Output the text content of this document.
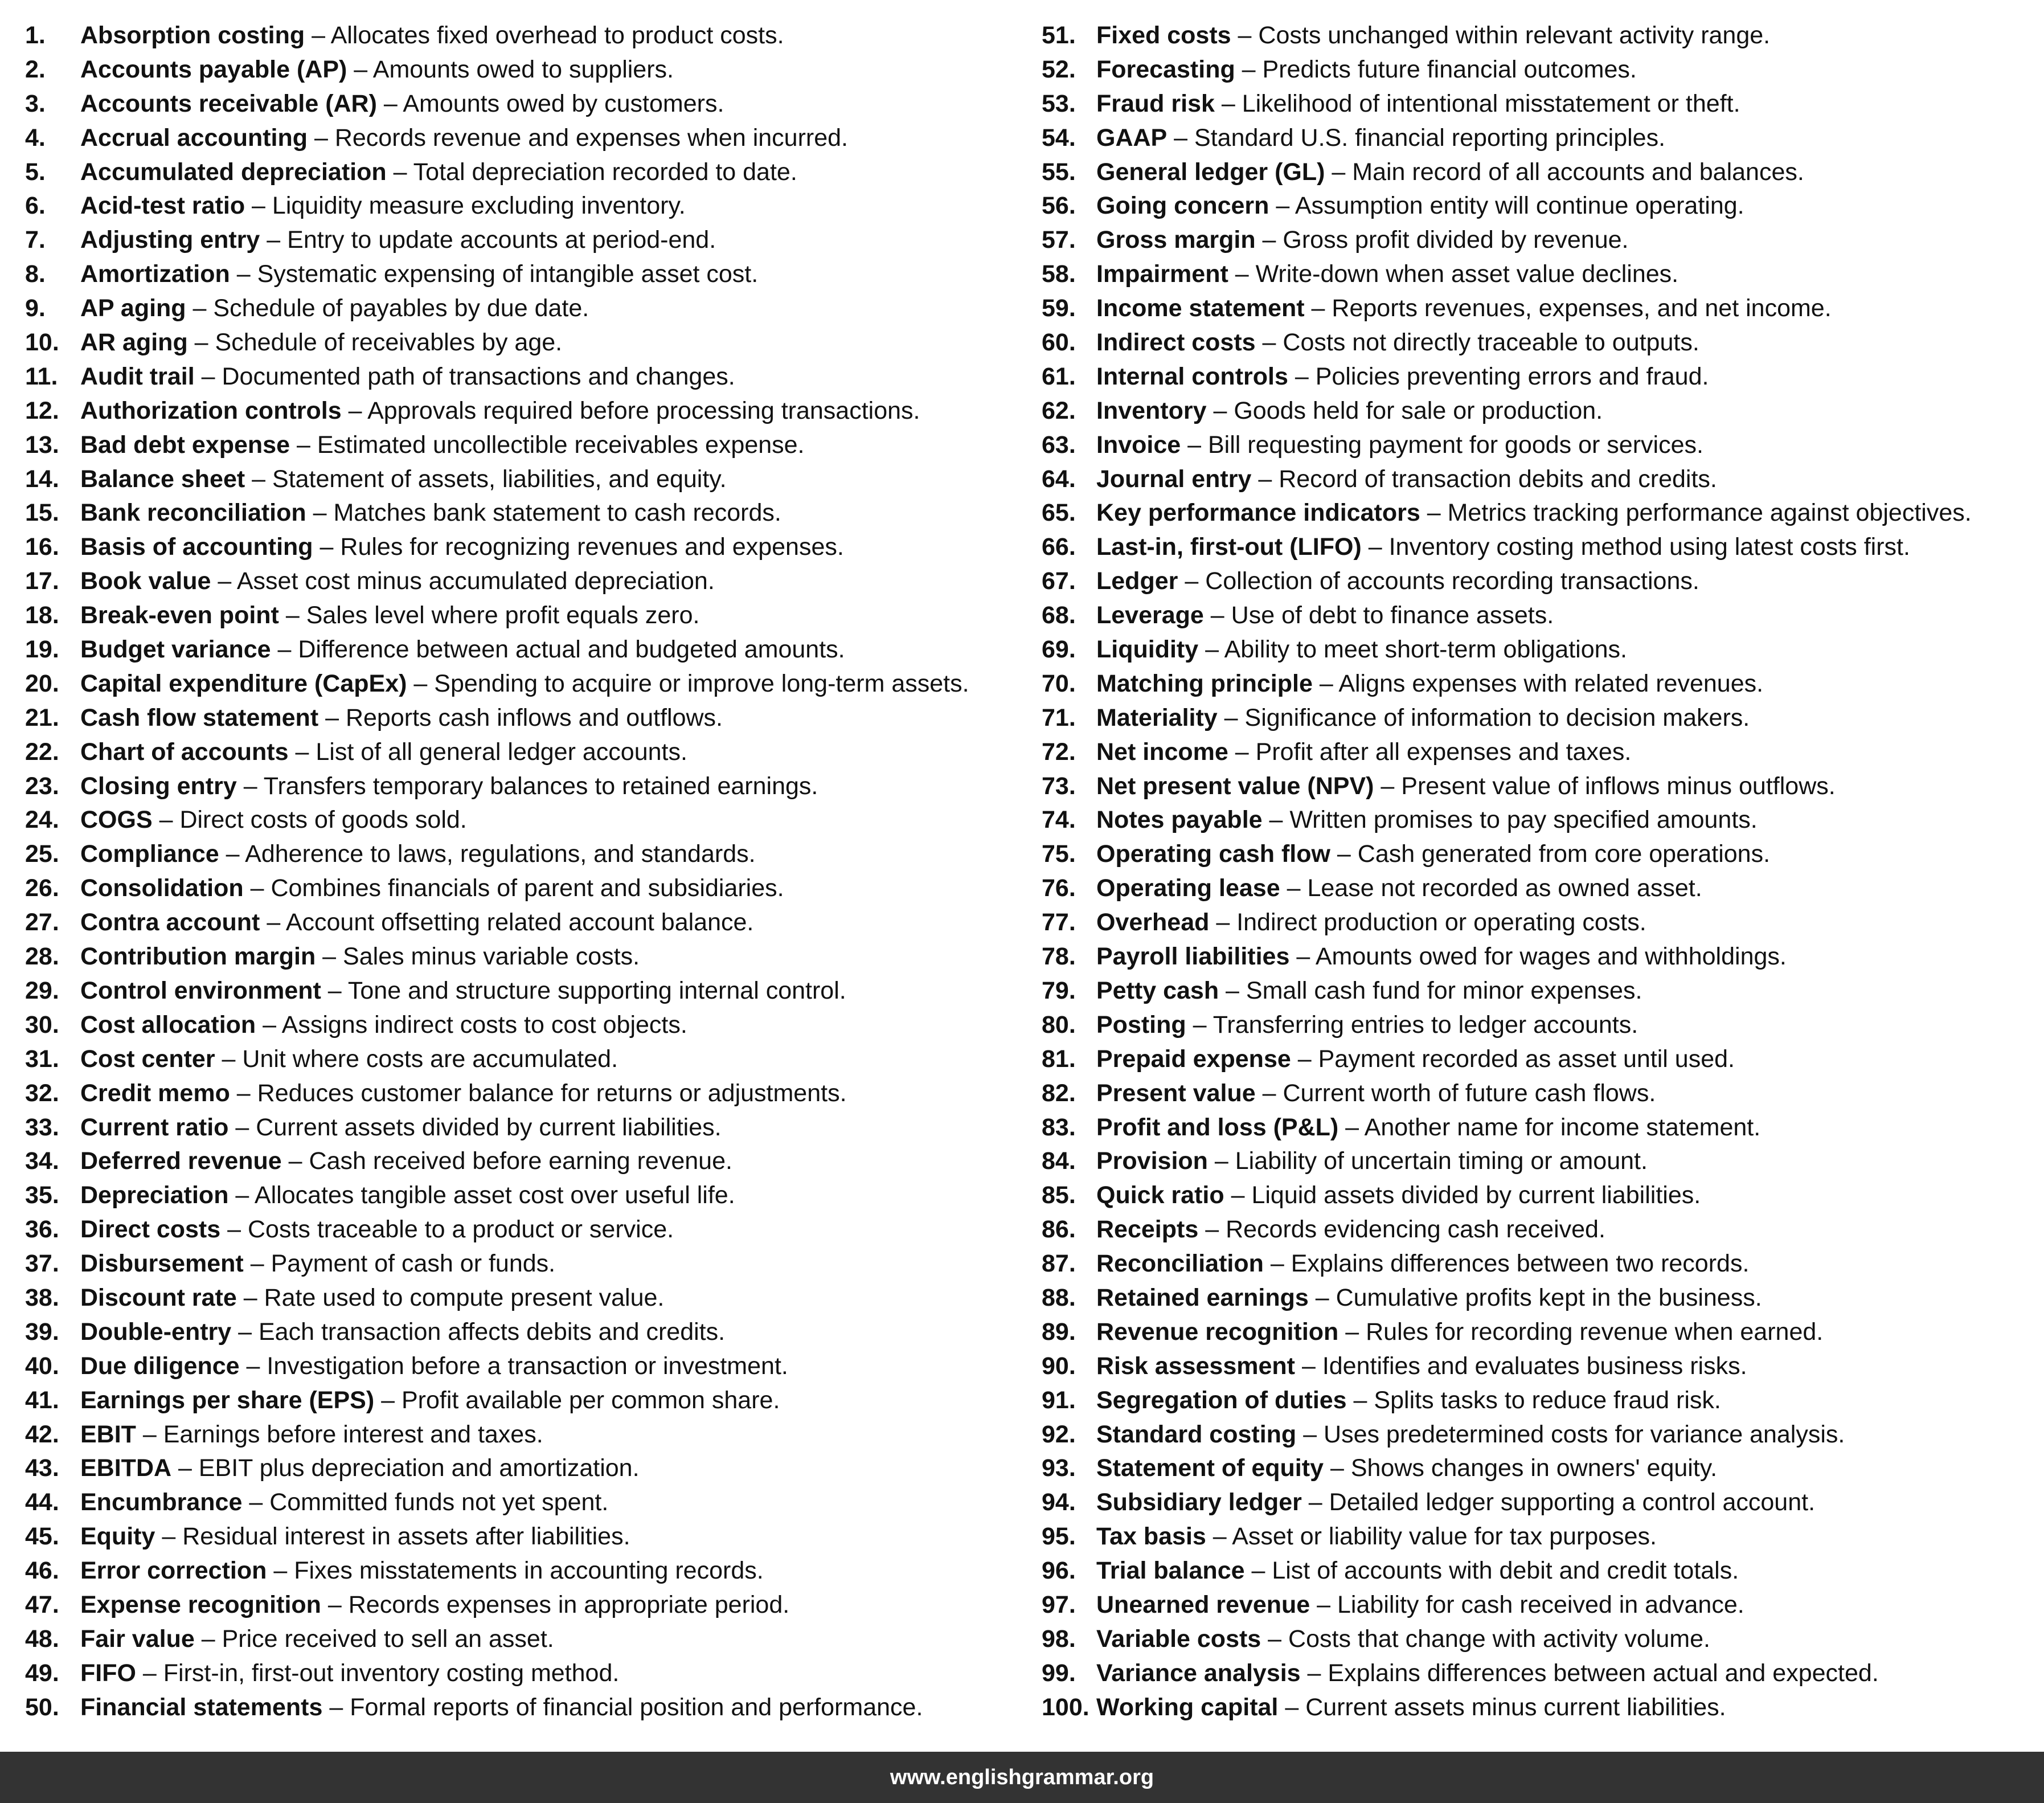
1. Absorption costing – Allocates fixed overhead to product costs.
2. Accounts payable (AP) – Amounts owed to suppliers.
3. Accounts receivable (AR) – Amounts owed by customers.
4. Accrual accounting – Records revenue and expenses when incurred.
5. Accumulated depreciation – Total depreciation recorded to date.
6. Acid-test ratio – Liquidity measure excluding inventory.
7. Adjusting entry – Entry to update accounts at period-end.
8. Amortization – Systematic expensing of intangible asset cost.
9. AP aging – Schedule of payables by due date.
10. AR aging – Schedule of receivables by age.
11. Audit trail – Documented path of transactions and changes.
12. Authorization controls – Approvals required before processing transactions.
13. Bad debt expense – Estimated uncollectible receivables expense.
14. Balance sheet – Statement of assets, liabilities, and equity.
15. Bank reconciliation – Matches bank statement to cash records.
16. Basis of accounting – Rules for recognizing revenues and expenses.
17. Book value – Asset cost minus accumulated depreciation.
18. Break-even point – Sales level where profit equals zero.
19. Budget variance – Difference between actual and budgeted amounts.
20. Capital expenditure (CapEx) – Spending to acquire or improve long-term assets.
21. Cash flow statement – Reports cash inflows and outflows.
22. Chart of accounts – List of all general ledger accounts.
23. Closing entry – Transfers temporary balances to retained earnings.
24. COGS – Direct costs of goods sold.
25. Compliance – Adherence to laws, regulations, and standards.
26. Consolidation – Combines financials of parent and subsidiaries.
27. Contra account – Account offsetting related account balance.
28. Contribution margin – Sales minus variable costs.
29. Control environment – Tone and structure supporting internal control.
30. Cost allocation – Assigns indirect costs to cost objects.
31. Cost center – Unit where costs are accumulated.
32. Credit memo – Reduces customer balance for returns or adjustments.
33. Current ratio – Current assets divided by current liabilities.
34. Deferred revenue – Cash received before earning revenue.
35. Depreciation – Allocates tangible asset cost over useful life.
36. Direct costs – Costs traceable to a product or service.
37. Disbursement – Payment of cash or funds.
38. Discount rate – Rate used to compute present value.
39. Double-entry – Each transaction affects debits and credits.
40. Due diligence – Investigation before a transaction or investment.
41. Earnings per share (EPS) – Profit available per common share.
42. EBIT – Earnings before interest and taxes.
43. EBITDA – EBIT plus depreciation and amortization.
44. Encumbrance – Committed funds not yet spent.
45. Equity – Residual interest in assets after liabilities.
46. Error correction – Fixes misstatements in accounting records.
47. Expense recognition – Records expenses in appropriate period.
48. Fair value – Price received to sell an asset.
49. FIFO – First-in, first-out inventory costing method.
50. Financial statements – Formal reports of financial position and performance.
51. Fixed costs – Costs unchanged within relevant activity range.
52. Forecasting – Predicts future financial outcomes.
53. Fraud risk – Likelihood of intentional misstatement or theft.
54. GAAP – Standard U.S. financial reporting principles.
55. General ledger (GL) – Main record of all accounts and balances.
56. Going concern – Assumption entity will continue operating.
57. Gross margin – Gross profit divided by revenue.
58. Impairment – Write-down when asset value declines.
59. Income statement – Reports revenues, expenses, and net income.
60. Indirect costs – Costs not directly traceable to outputs.
61. Internal controls – Policies preventing errors and fraud.
62. Inventory – Goods held for sale or production.
63. Invoice – Bill requesting payment for goods or services.
64. Journal entry – Record of transaction debits and credits.
65. Key performance indicators – Metrics tracking performance against objectives.
66. Last-in, first-out (LIFO) – Inventory costing method using latest costs first.
67. Ledger – Collection of accounts recording transactions.
68. Leverage – Use of debt to finance assets.
69. Liquidity – Ability to meet short-term obligations.
70. Matching principle – Aligns expenses with related revenues.
71. Materiality – Significance of information to decision makers.
72. Net income – Profit after all expenses and taxes.
73. Net present value (NPV) – Present value of inflows minus outflows.
74. Notes payable – Written promises to pay specified amounts.
75. Operating cash flow – Cash generated from core operations.
76. Operating lease – Lease not recorded as owned asset.
77. Overhead – Indirect production or operating costs.
78. Payroll liabilities – Amounts owed for wages and withholdings.
79. Petty cash – Small cash fund for minor expenses.
80. Posting – Transferring entries to ledger accounts.
81. Prepaid expense – Payment recorded as asset until used.
82. Present value – Current worth of future cash flows.
83. Profit and loss (P&L) – Another name for income statement.
84. Provision – Liability of uncertain timing or amount.
85. Quick ratio – Liquid assets divided by current liabilities.
86. Receipts – Records evidencing cash received.
87. Reconciliation – Explains differences between two records.
88. Retained earnings – Cumulative profits kept in the business.
89. Revenue recognition – Rules for recording revenue when earned.
90. Risk assessment – Identifies and evaluates business risks.
91. Segregation of duties – Splits tasks to reduce fraud risk.
92. Standard costing – Uses predetermined costs for variance analysis.
93. Statement of equity – Shows changes in owners' equity.
94. Subsidiary ledger – Detailed ledger supporting a control account.
95. Tax basis – Asset or liability value for tax purposes.
96. Trial balance – List of accounts with debit and credit totals.
97. Unearned revenue – Liability for cash received in advance.
98. Variable costs – Costs that change with activity volume.
99. Variance analysis – Explains differences between actual and expected.
100. Working capital – Current assets minus current liabilities.
www.englishgrammar.org
